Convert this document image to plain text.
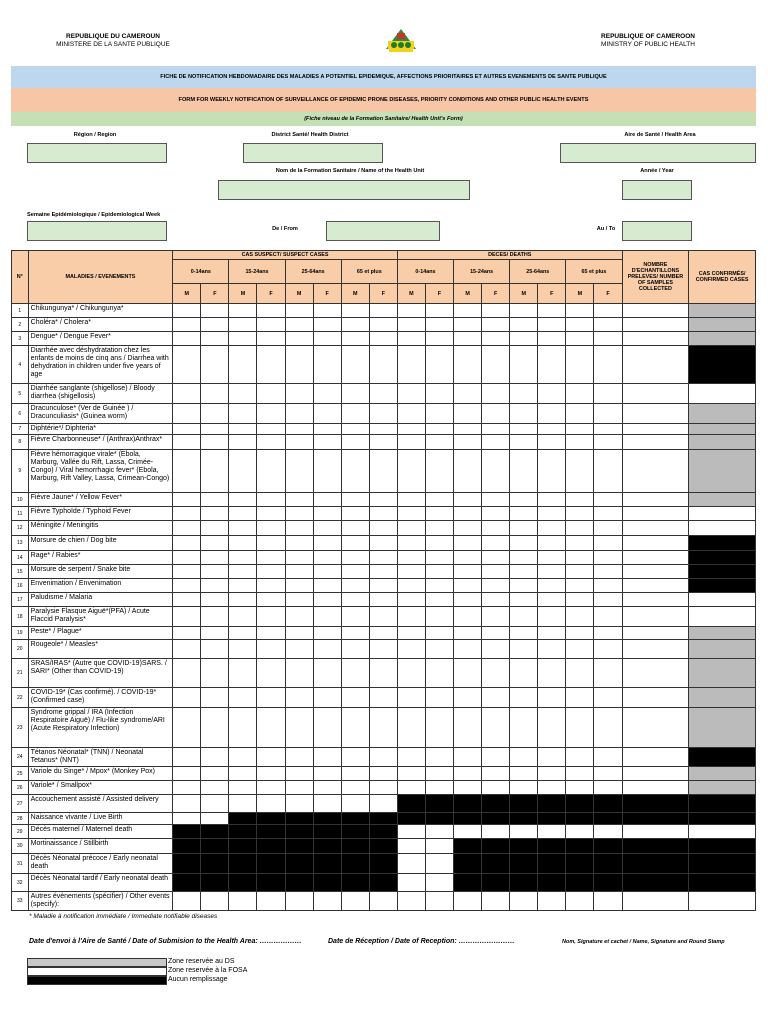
REPUBLIQUE DU CAMEROUN
MINISTERE DE LA SANTE PUBLIQUE
REPUBLIQUE OF CAMEROON
MINISTRY OF PUBLIC HEALTH
FICHE DE NOTIFICATION HEBDOMADAIRE DES MALADIES A POTENTIEL EPIDEMIQUE, AFFECTIONS PRIORITAIRES ET AUTRES EVENEMENTS DE SANTE PUBLIQUE
FORM FOR WEEKLY NOTIFICATION OF SURVEILLANCE OF EPIDEMIC PRONE DISEASES, PRIORITY CONDITIONS AND OTHER PUBLIC HEALTH EVENTS
(Fiche niveau de la Formation Sanitaire/ Health Unit's Form)
Région / Region	District Santé/ Health District	Aire de Santé / Health Area
Nom de la Formation Sanitaire / Name of the Health Unit	Année / Year
Semaine Epidémiologique / Epidemiological Week
De / From	Au / To
N°	MALADIES / EVENEMENTS	CAS SUSPECT/ SUSPECT CASES								DECES/ DEATHS								NOMBRE D'ECHANTILLONS PRELEVES/ NUMBER OF SAMPLES COLLECTED	CAS CONFIRMÉS/ CONFIRMED CASES
		0-14ans		15-24ans		25-64ans		65 et plus		0-14ans		15-24ans		25-64ans		65 et plus			
		M	F	M	F	M	F	M	F	M	F	M	F	M	F	M	F		
1	Chikungunya* / Chikungunya*																		
2	Choléra* / Cholera*																		
3	Dengue* / Dengue Fever*																		
4	Diarrhée avec déshydratation chez les enfants de moins de cinq ans / Diarrhea with dehydration in children under five years of age																		
5	Diarrhée sanglante (shigellose) / Bloody diarrhea (shigellosis)																		
6	Dracunculose* (Ver de Guinée ) / Dracunculiasis* (Guinea worm)																		
7	Diphtérie*/ Diphteria*																		
8	Fièvre Charbonneuse* / (Anthrax)Anthrax*																		
9	Fièvre hémorragique virale* (Ebola, Marburg, Vallée du Rift, Lassa, Crimée-Congo) / Viral hemorrhagic fever* (Ebola, Marburg, Rift Valley, Lassa, Crimean-Congo)																		
10	Fièvre Jaune* / Yellow Fever*																		
11	Fièvre Typhoïde / Typhoid Fever																		
12	Méningite / Meningitis																		
13	Morsure de chien / Dog bite																		
14	Rage* / Rabies*																		
15	Morsure de serpent / Snake bite																		
16	Envenimation / Envenimation																		
17	Paludisme / Malaria																		
18	Paralysie Flasque Aiguë*(PFA) / Acute Flaccid Paralysis*																		
19	Peste* / Plague*																		
20	Rougeole* / Measles*																		
21	SRAS/IRAS* (Autre que COVID-19)SARS. / SARI* (Other than COVID-19)																		
22	COVID-19* (Cas confirmé). / COVID-19* (Confirmed case)																		
23	Syndrome grippal / IRA (Infection Respiratoire Aiguë) / Flu-like syndrome/ARI (Acute Respiratory Infection)																		
24	Tétanos Néonatal* (TNN) / Neonatal Tetanus* (NNT)																		
25	Variole du Singe* / Mpox* (Monkey Pox)																		
26	Variole* / Smallpox*																		
27	Accouchement assisté / Assisted delivery																		
28	Naissance vivante / Live Birth																		
29	Décès maternel / Maternel death																		
30	Mortinaissance / Stillbirth																		
31	Décès Néonatal précoce / Early neonatal death																		
32	Décès Néonatal tardif / Early neonatal death																		
33	Autres évènements (spécifier) / Other events (specify):																		
* Maladie à notification immédiate / Immediate notifiable diseases
Date d'envoi à l'Aire de Santé / Date of Submision to the Health Area: ………………	Date de Réception / Date of Reception: ……………………	Nom, Signature et cachet / Name, Signature and Round Stamp
Zone reservée au DS
Zone reservée à la FOSA
Aucun remplissage
